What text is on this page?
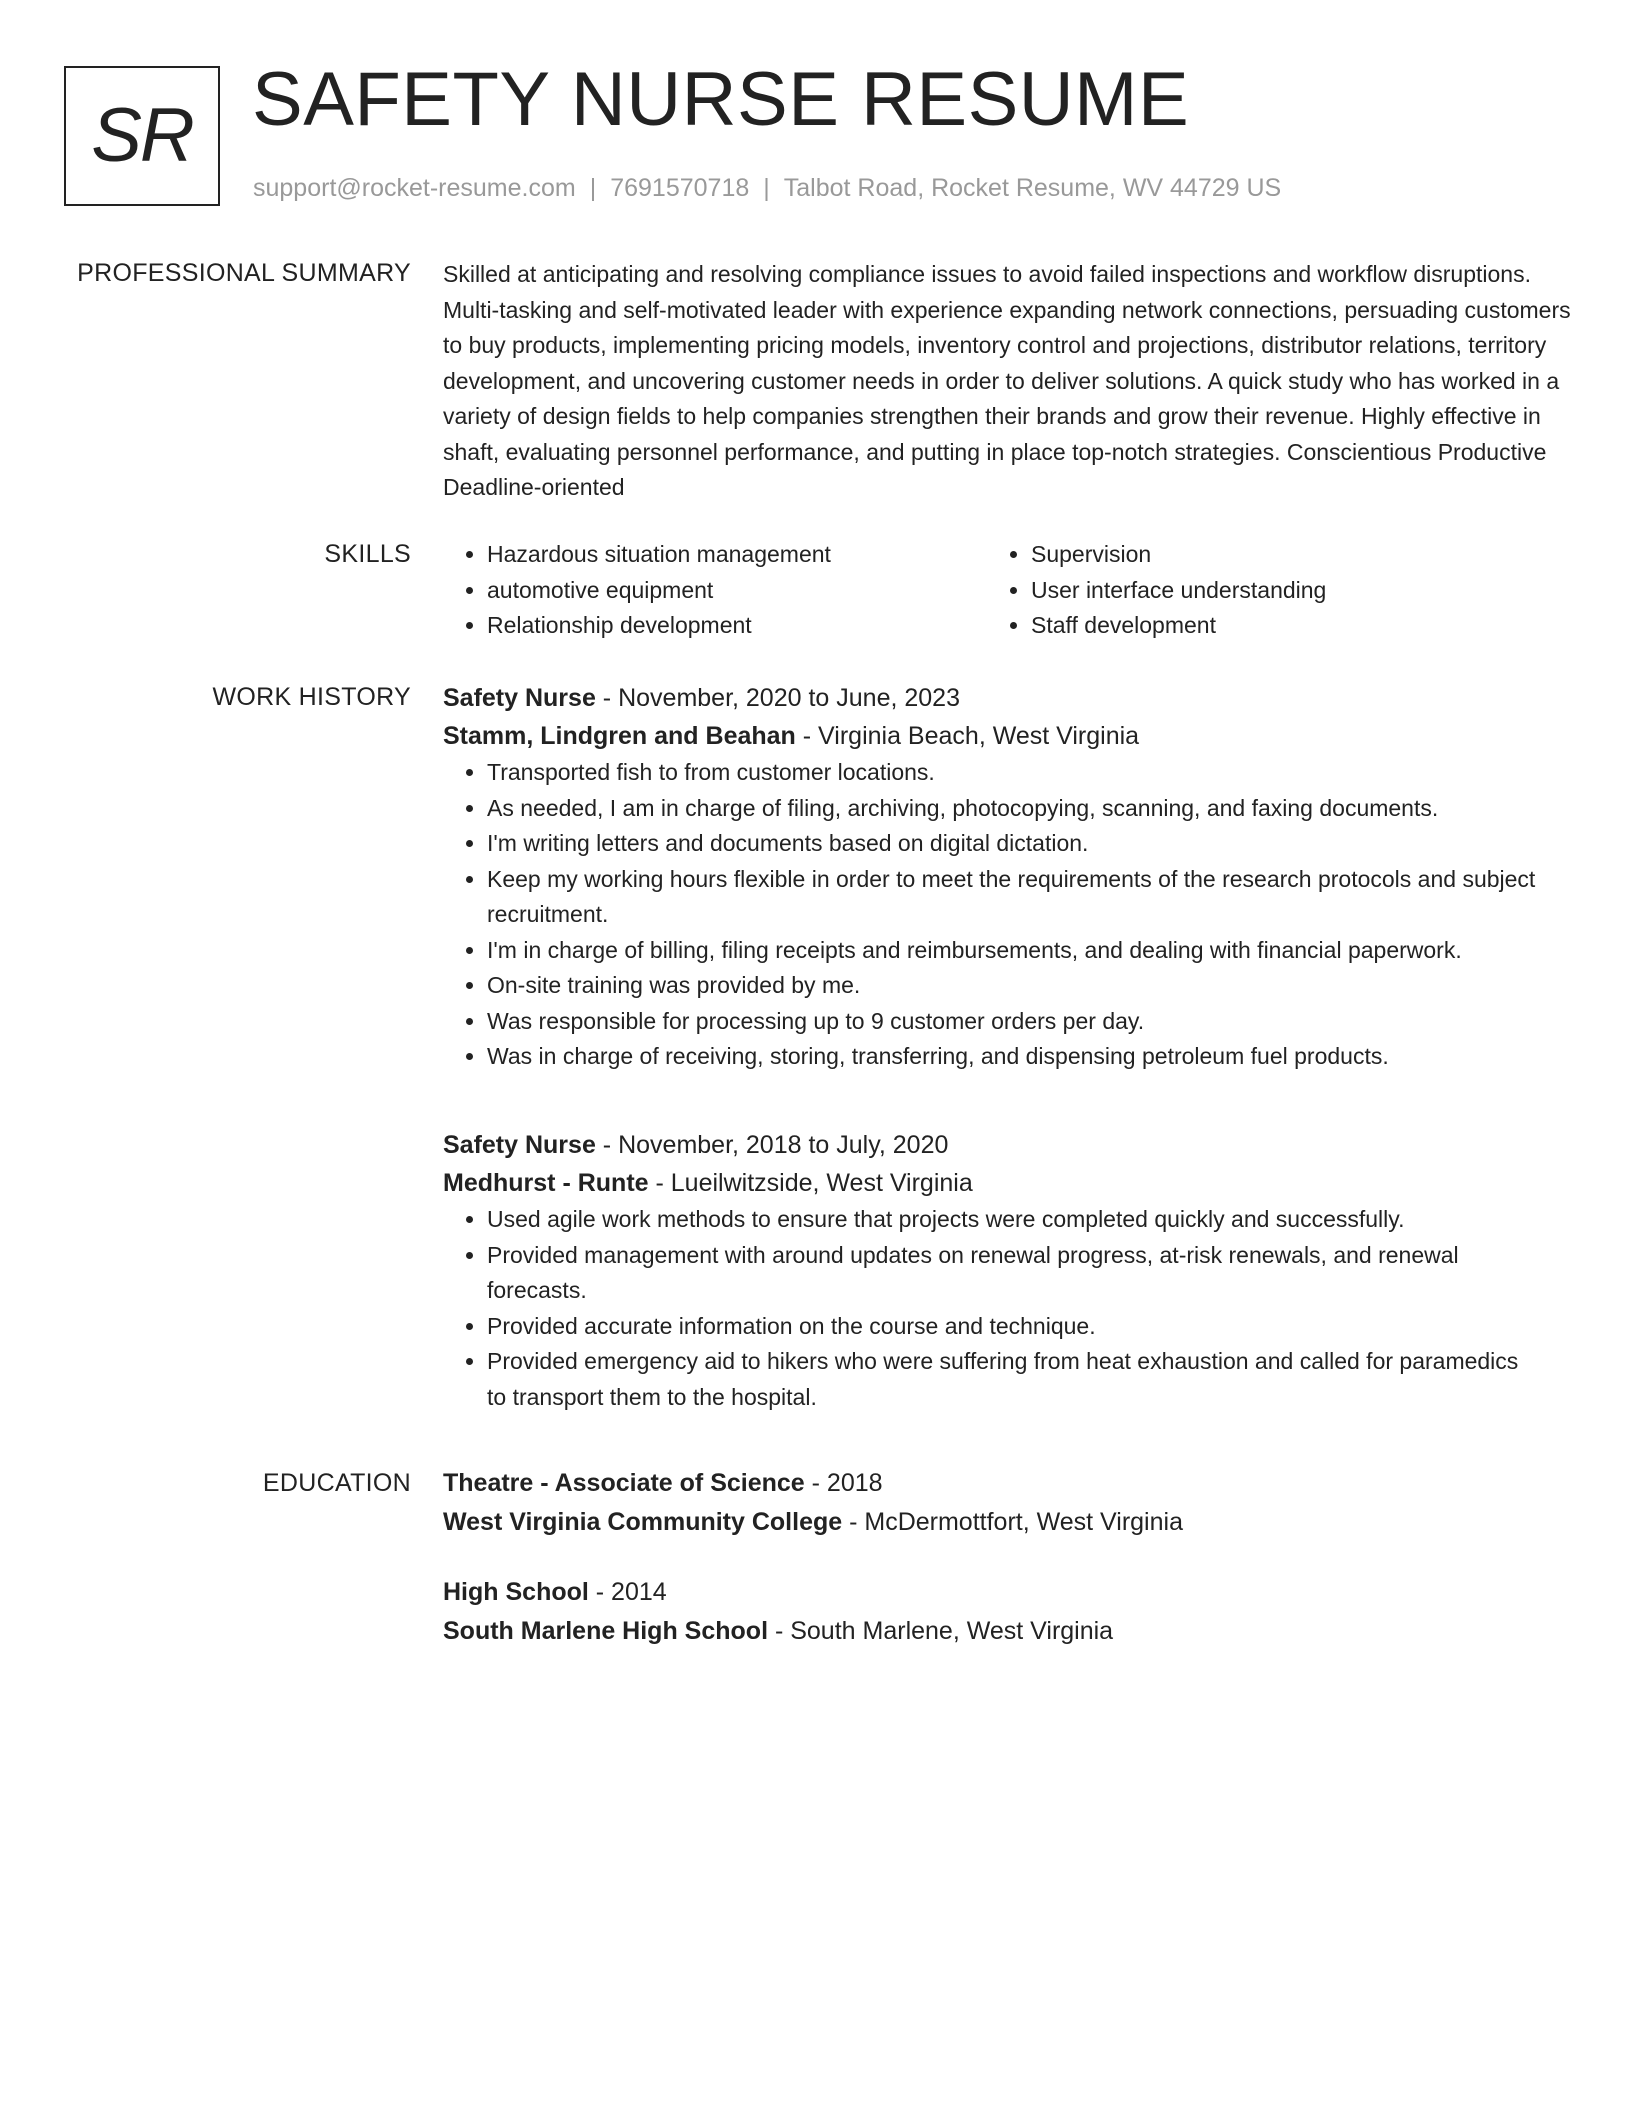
SR SAFETY NURSE RESUME
support@rocket-resume.com | 7691570718 | Talbot Road, Rocket Resume, WV 44729 US
PROFESSIONAL SUMMARY Skilled at anticipating and resolving compliance issues to avoid failed inspections and workflow disruptions. Multi-tasking and self-motivated leader with experience expanding network connections, persuading customers to buy products, implementing pricing models, inventory control and projections, distributor relations, territory development, and uncovering customer needs in order to deliver solutions. A quick study who has worked in a variety of design fields to help companies strengthen their brands and grow their revenue. Highly effective in shaft, evaluating personnel performance, and putting in place top-notch strategies. Conscientious Productive Deadline-oriented

SKILLS
•	Hazardous situation management
• automotive equipment
• Relationship development
• Supervision
• User interface understanding
• Staff development
WORK HISTORY Safety Nurse - November, 2020 to June, 2023
Stamm, Lindgren and Beahan - Virginia Beach, West Virginia
• Transported fish to from customer locations.
• As needed, I am in charge of filing, archiving, photocopying, scanning, and faxing documents.
• I'm writing letters and documents based on digital dictation.
• Keep my working hours flexible in order to meet the requirements of the research protocols and subject recruitment.
• I'm in charge of billing, filing receipts and reimbursements, and dealing with financial paperwork.
• On-site training was provided by me.
• Was responsible for processing up to 9 customer orders per day.
• Was in charge of receiving, storing, transferring, and dispensing petroleum fuel products.
Safety Nurse - November, 2018 to July, 2020
Medhurst - Runte - Lueilwitzside, West Virginia
• Used agile work methods to ensure that projects were completed quickly and successfully.
• Provided management with around updates on renewal progress, at-risk renewals, and renewal forecasts.
• Provided accurate information on the course and technique.
• Provided emergency aid to hikers who were suffering from heat exhaustion and called for paramedics to transport them to the hospital.
EDUCATION Theatre - Associate of Science - 2018
West Virginia Community College - McDermottfort, West Virginia
High School - 2014
South Marlene High School - South Marlene, West Virginia
